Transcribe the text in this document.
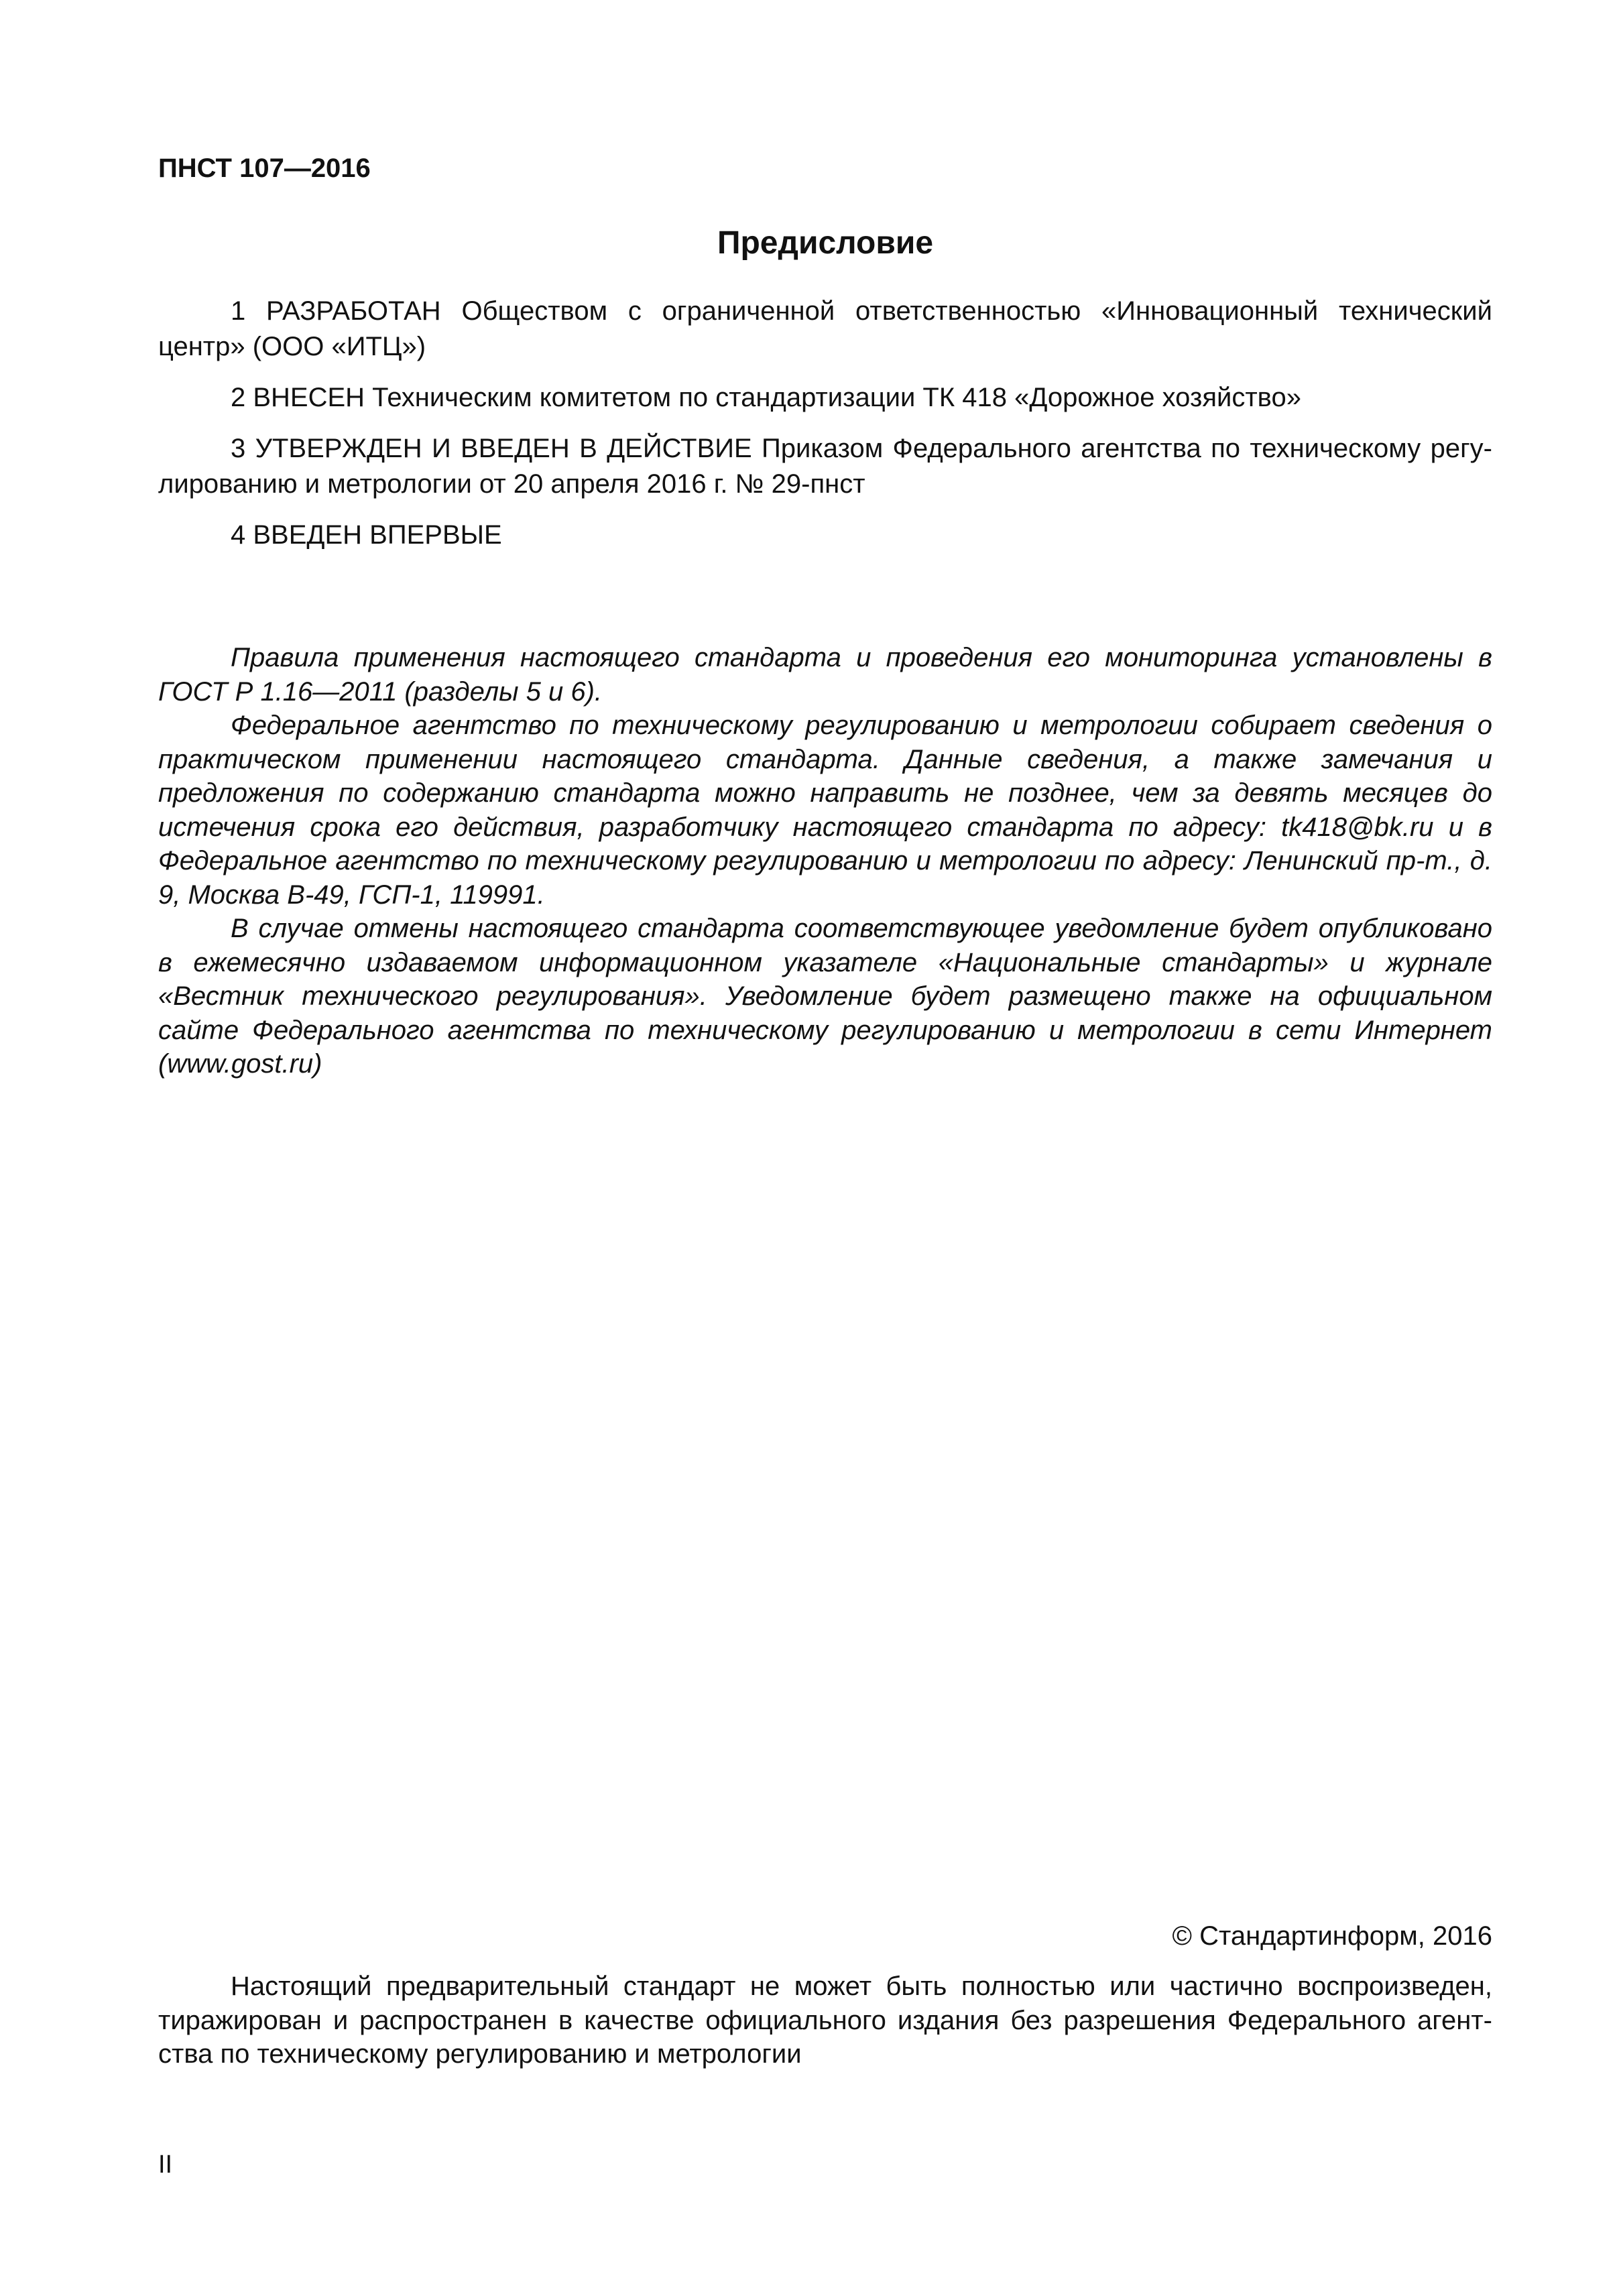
ПНСТ 107—2016

Предисловие

1 РАЗРАБОТАН Обществом с ограниченной ответственностью «Инновационный технический центр» (ООО «ИТЦ»)

2 ВНЕСЕН Техническим комитетом по стандартизации ТК 418 «Дорожное хозяйство»

3 УТВЕРЖДЕН И ВВЕДЕН В ДЕЙСТВИЕ Приказом Федерального агентства по техническому регулированию и метрологии от 20 апреля 2016 г. № 29-пнст

4 ВВЕДЕН ВПЕРВЫЕ

Правила применения настоящего стандарта и проведения его мониторинга установлены в ГОСТ Р 1.16—2011 (разделы 5 и 6).

Федеральное агентство по техническому регулированию и метрологии собирает сведения о практическом применении настоящего стандарта. Данные сведения, а также замечания и предложения по содержанию стандарта можно направить не позднее, чем за девять месяцев до истечения срока его действия, разработчику настоящего стандарта по адресу: tk418@bk.ru и в Федеральное агентство по техническому регулированию и метрологии по адресу: Ленинский пр-т., д. 9, Москва В-49, ГСП-1, 119991.

В случае отмены настоящего стандарта соответствующее уведомление будет опубликовано в ежемесячно издаваемом информационном указателе «Национальные стандарты» и журнале «Вестник технического регулирования». Уведомление будет размещено также на официальном сайте Федерального агентства по техническому регулированию и метрологии в сети Интернет (www.gost.ru)

© Стандартинформ, 2016

Настоящий предварительный стандарт не может быть полностью или частично воспроизведен, тиражирован и распространен в качестве официального издания без разрешения Федерального агентства по техническому регулированию и метрологии

II
